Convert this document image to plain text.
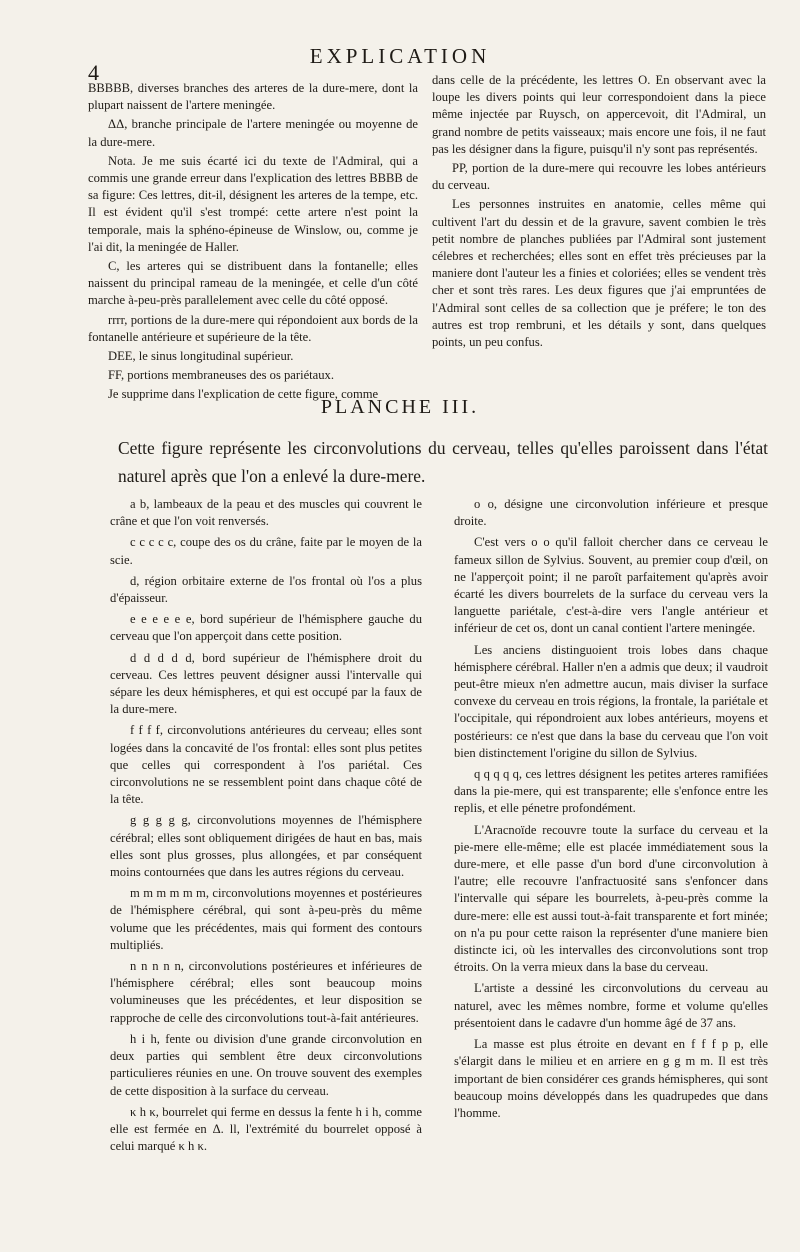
4
EXPLICATION

BBBBB, diverses branches des arteres de la dure-mere, dont la plupart naissent de l'artere meningée.

ΔΔ, branche principale de l'artere meningée ou moyenne de la dure-mere.

Nota. Je me suis écarté ici du texte de l'Admiral, qui a commis une grande erreur dans l'explication des lettres BBBB de sa figure: Ces lettres, dit-il, désignent les arteres de la tempe, etc. Il est évident qu'il s'est trompé: cette artere n'est point la temporale, mais la sphéno-épineuse de Winslow, ou, comme je l'ai dit, la meningée de Haller.

C, les arteres qui se distribuent dans la fontanelle; elles naissent du principal rameau de la meningée, et celle d'un côté marche à-peu-près parallelement avec celle du côté opposé.

rrrr, portions de la dure-mere qui répondoient aux bords de la fontanelle antérieure et supérieure de la tête.

DEE, le sinus longitudinal supérieur.

FF, portions membraneuses des os pariétaux.

Je supprime dans l'explication de cette figure, comme

dans celle de la précédente, les lettres O. En observant avec la loupe les divers points qui leur correspondoient dans la piece même injectée par Ruysch, on appercevoit, dit l'Admiral, un grand nombre de petits vaisseaux; mais encore une fois, il ne faut pas les désigner dans la figure, puisqu'il n'y sont pas représentés.

PP, portion de la dure-mere qui recouvre les lobes antérieurs du cerveau.

Les personnes instruites en anatomie, celles même qui cultivent l'art du dessin et de la gravure, savent combien le très petit nombre de planches publiées par l'Admiral sont justement célebres et recherchées; elles sont en effet très précieuses par la maniere dont l'auteur les a finies et coloriées; elles se vendent très cher et sont très rares. Les deux figures que j'ai empruntées de l'Admiral sont celles de sa collection que je préfere; le ton des autres est trop rembruni, et les détails y sont, dans quelques points, un peu confus.

PLANCHE III.
Cette figure représente les circonvolutions du cerveau, telles qu'elles paroissent dans l'état naturel après que l'on a enlevé la dure-mere.

a b, lambeaux de la peau et des muscles qui couvrent le crâne et que l'on voit renversés.

c c c c c, coupe des os du crâne, faite par le moyen de la scie.

d, région orbitaire externe de l'os frontal où l'os a plus d'épaisseur.

e e e e e e, bord supérieur de l'hémisphere gauche du cerveau que l'on apperçoit dans cette position.

d d d d d, bord supérieur de l'hémisphere droit du cerveau. Ces lettres peuvent désigner aussi l'intervalle qui sépare les deux hémispheres, et qui est occupé par la faux de la dure-mere.

f f f f, circonvolutions antérieures du cerveau; elles sont logées dans la concavité de l'os frontal: elles sont plus petites que celles qui correspondent à l'os pariétal. Ces circonvolutions ne se ressemblent point dans chaque côté de la tête.

g g g g g, circonvolutions moyennes de l'hémisphere cérébral; elles sont obliquement dirigées de haut en bas, mais elles sont plus grosses, plus allongées, et par conséquent moins contournées que dans les autres régions du cerveau.

m m m m m m, circonvolutions moyennes et postérieures de l'hémisphere cérébral, qui sont à-peu-près du même volume que les précédentes, mais qui forment des contours multipliés.

n n n n n, circonvolutions postérieures et inférieures de l'hémisphere cérébral; elles sont beaucoup moins volumineuses que les précédentes, et leur disposition se rapproche de celle des circonvolutions tout-à-fait antérieures.

h i h, fente ou division d'une grande circonvolution en deux parties qui semblent être deux circonvolutions particulieres réunies en une. On trouve souvent des exemples de cette disposition à la surface du cerveau.

κ h κ, bourrelet qui ferme en dessus la fente h i h, comme elle est fermée en Δ. ll, l'extrémité du bourrelet opposé à celui marqué κ h κ.

o o, désigne une circonvolution inférieure et presque droite.

C'est vers o o qu'il falloit chercher dans ce cerveau le fameux sillon de Sylvius. Souvent, au premier coup d'œil, on ne l'apperçoit point; il ne paroît parfaitement qu'après avoir écarté les divers bourrelets de la surface du cerveau vers la languette pariétale, c'est-à-dire vers l'angle antérieur et inférieur de cet os, dont un canal contient l'artere meningée.

Les anciens distinguoient trois lobes dans chaque hémisphere cérébral. Haller n'en a admis que deux; il vaudroit peut-être mieux n'en admettre aucun, mais diviser la surface convexe du cerveau en trois régions, la frontale, la pariétale et l'occipitale, qui répondroient aux lobes antérieurs, moyens et postérieurs: ce n'est que dans la base du cerveau que l'on voit bien distinctement l'origine du sillon de Sylvius.

q q q q q, ces lettres désignent les petites arteres ramifiées dans la pie-mere, qui est transparente; elle s'enfonce entre les replis, et elle pénetre profondément.

L'Aracnoïde recouvre toute la surface du cerveau et la pie-mere elle-même; elle est placée immédiatement sous la dure-mere, et elle passe d'un bord d'une circonvolution à l'autre; elle recouvre l'anfractuosité sans s'enfoncer dans l'intervalle qui sépare les bourrelets, à-peu-près comme la dure-mere: elle est aussi tout-à-fait transparente et fort minée; on n'a pu pour cette raison la représenter d'une maniere bien distincte ici, où les intervalles des circonvolutions sont trop étroits. On la verra mieux dans la base du cerveau.

L'artiste a dessiné les circonvolutions du cerveau au naturel, avec les mêmes nombre, forme et volume qu'elles présentoient dans le cadavre d'un homme âgé de 37 ans.

La masse est plus étroite en devant en f f f p p, elle s'élargit dans le milieu et en arriere en g g m m. Il est très important de bien considérer ces grands hémispheres, qui sont beaucoup moins développés dans les quadrupedes que dans l'homme.
